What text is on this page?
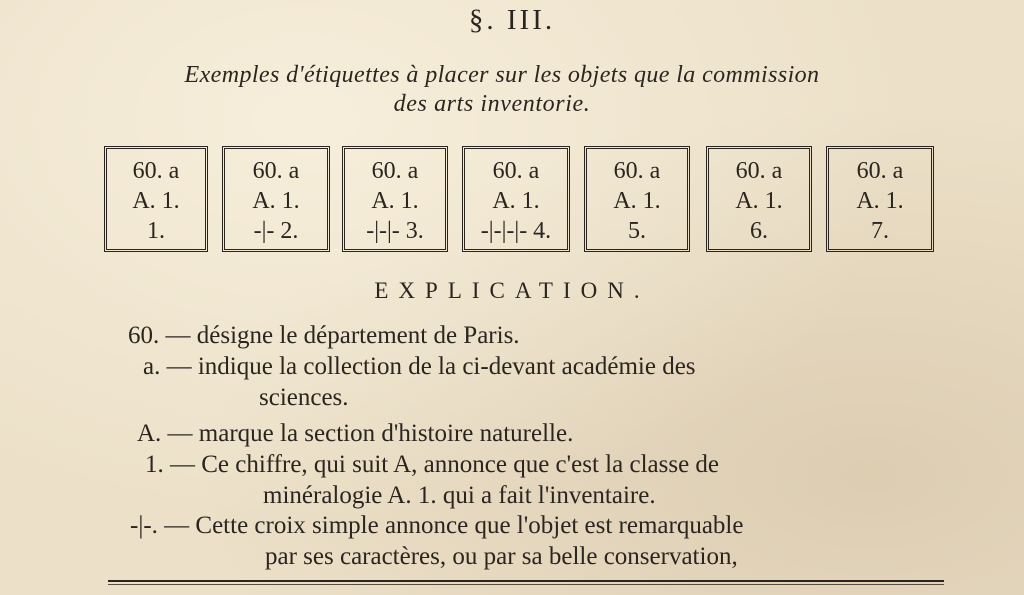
§. III.
Exemples d'étiquettes à placer sur les objets que la commission
des arts inventorie.
60. a
A. 1.
1.
60. a
A. 1.
-|- 2.
60. a
A. 1.
-|-|- 3.
60. a
A. 1.
-|-|-|- 4.
60. a
A. 1.
5.
60. a
A. 1.
6.
60. a
A. 1.
7.
EXPLICATION.
60. — désigne le département de Paris.
a. — indique la collection de la ci-devant académie des
sciences.
A. — marque la section d'histoire naturelle.
1. — Ce chiffre, qui suit A, annonce que c'est la classe de
minéralogie A. 1. qui a fait l'inventaire.
-|-. — Cette croix simple annonce que l'objet est remarquable
par ses caractères, ou par sa belle conservation,
